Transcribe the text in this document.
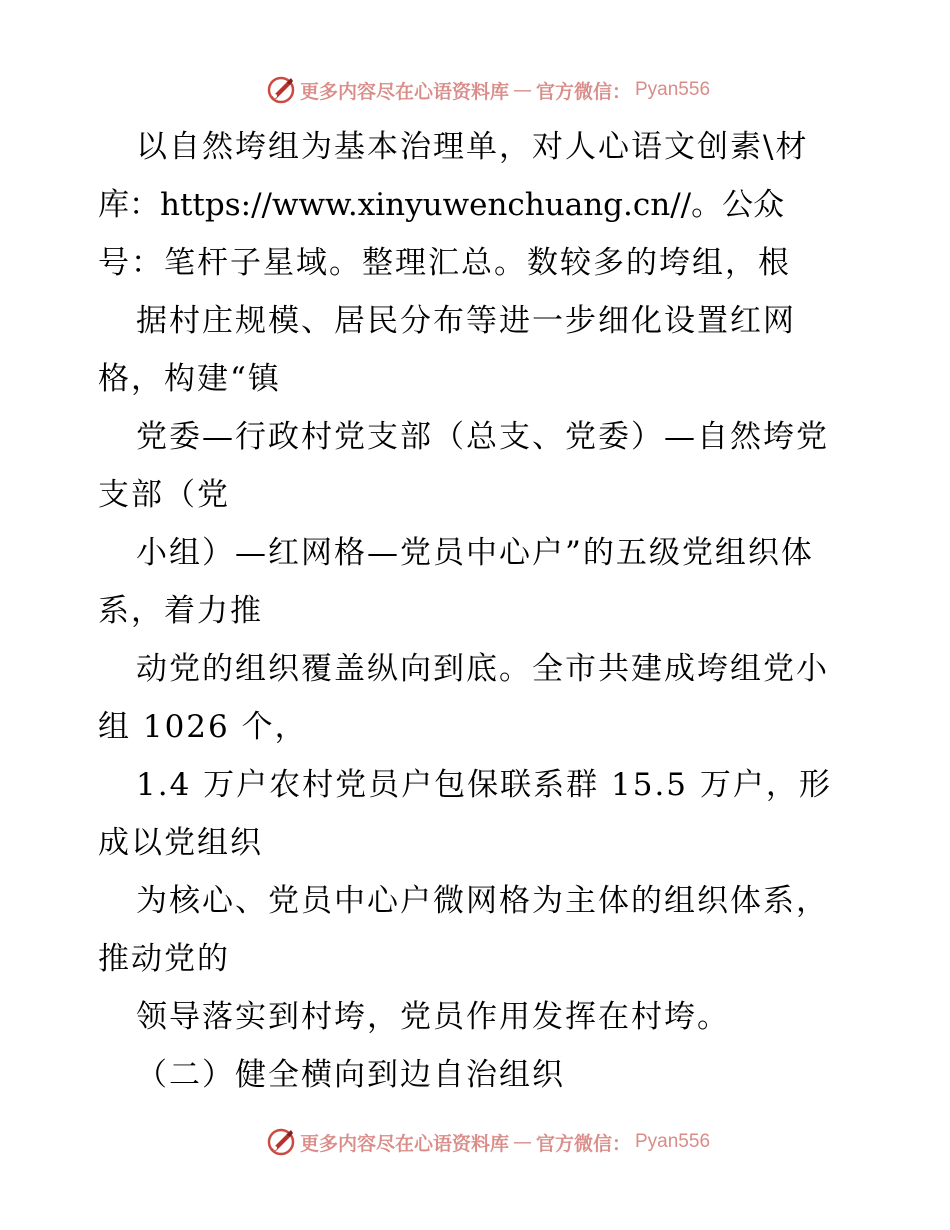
更多内容尽在心语资料库 — 官方微信： Pyan556
以自然垮组为基本治理单，对人心语文创素\材
库：https://www.xinyuwenchuang.cn//。公众
号：笔杆子星域。整理汇总。数较多的垮组，根
据村庄规模、居民分布等进一步细化设置红网
格，构建“镇
党委—行政村党支部（总支、党委）—自然垮党
支部（党
小组）—红网格—党员中心户”的五级党组织体
系，着力推
动党的组织覆盖纵向到底。全市共建成垮组党小
组 1026 个，
1.4 万户农村党员户包保联系群 15.5 万户，形
成以党组织
为核心、党员中心户微网格为主体的组织体系，
推动党的
领导落实到村垮，党员作用发挥在村垮。
（二）健全横向到边自治组织
更多内容尽在心语资料库 — 官方微信： Pyan556
